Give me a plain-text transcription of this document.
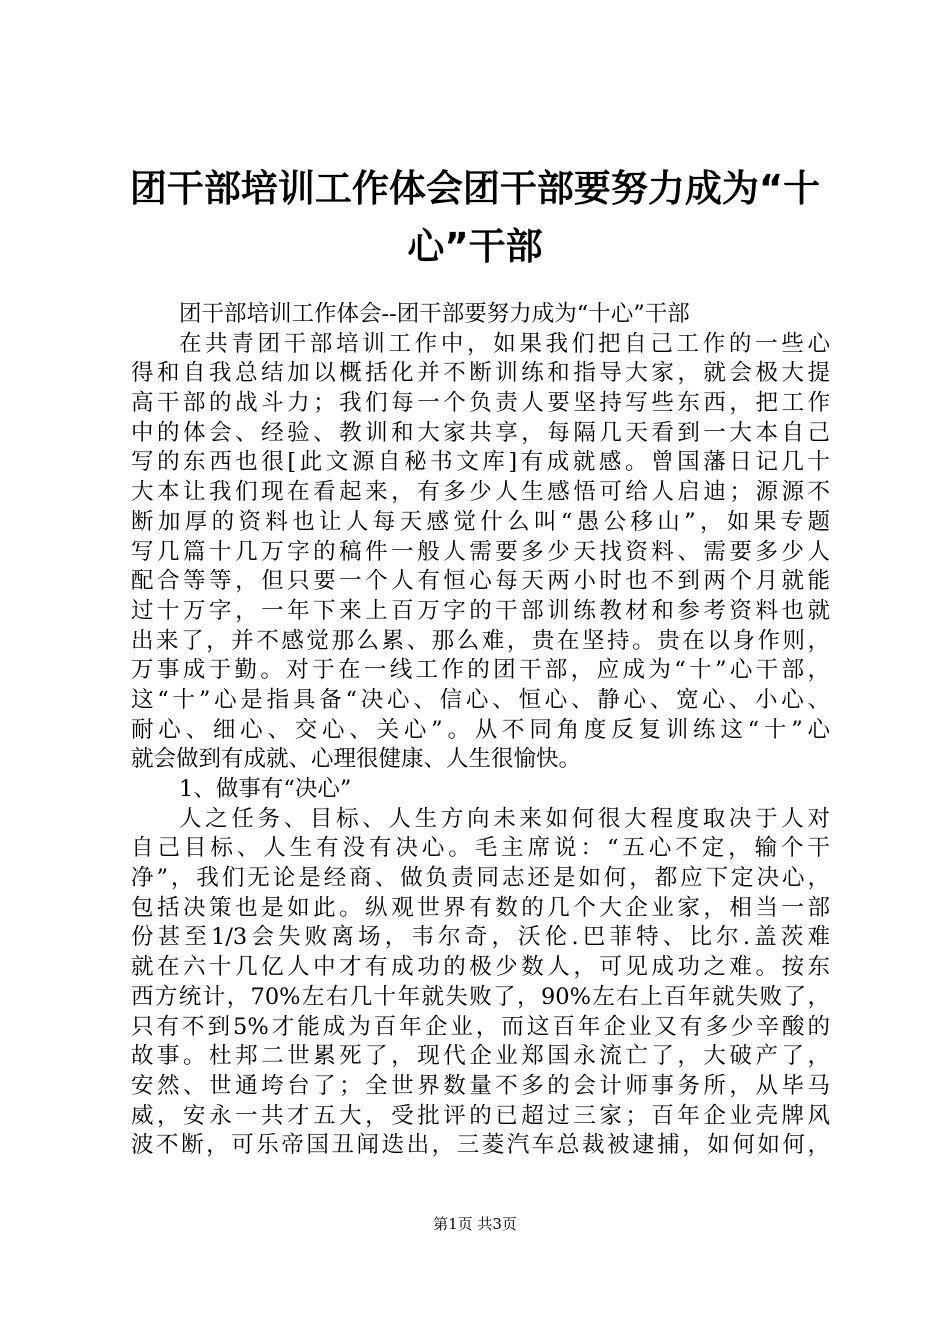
团干部培训工作体会团干部要努力成为“十
心”干部
团干部培训工作体会--团干部要努力成为“十心”干部
在共青团干部培训工作中，如果我们把自己工作的一些心
得和自我总结加以概括化并不断训练和指导大家，就会极大提
高干部的战斗力；我们每一个负责人要坚持写些东西，把工作
中的体会、经验、教训和大家共享，每隔几天看到一大本自己
写的东西也很[此文源自秘书文库]有成就感。曾国藩日记几十
大本让我们现在看起来，有多少人生感悟可给人启迪；源源不
断加厚的资料也让人每天感觉什么叫“愚公移山”，如果专题
写几篇十几万字的稿件一般人需要多少天找资料、需要多少人
配合等等，但只要一个人有恒心每天两小时也不到两个月就能
过十万字，一年下来上百万字的干部训练教材和参考资料也就
出来了，并不感觉那么累、那么难，贵在坚持。贵在以身作则，
万事成于勤。对于在一线工作的团干部，应成为“十”心干部，
这“十”心是指具备“决心、信心、恒心、静心、宽心、小心、
耐心、细心、交心、关心”。从不同角度反复训练这“十”心
就会做到有成就、心理很健康、人生很愉快。
1、做事有“决心”
人之任务、目标、人生方向未来如何很大程度取决于人对
自己目标、人生有没有决心。毛主席说：“五心不定，输个干
净”，我们无论是经商、做负责同志还是如何，都应下定决心，
包括决策也是如此。纵观世界有数的几个大企业家，相当一部
份甚至1/3会失败离场，韦尔奇，沃伦.巴菲特、比尔.盖茨难
就在六十几亿人中才有成功的极少数人，可见成功之难。按东
西方统计，70%左右几十年就失败了，90%左右上百年就失败了，
只有不到5%才能成为百年企业，而这百年企业又有多少辛酸的
故事。杜邦二世累死了，现代企业郑国永流亡了，大破产了，
安然、世通垮台了；全世界数量不多的会计师事务所，从毕马
威，安永一共才五大，受批评的已超过三家；百年企业壳牌风
波不断，可乐帝国丑闻迭出，三菱汽车总裁被逮捕，如何如何，
第1页 共3页
